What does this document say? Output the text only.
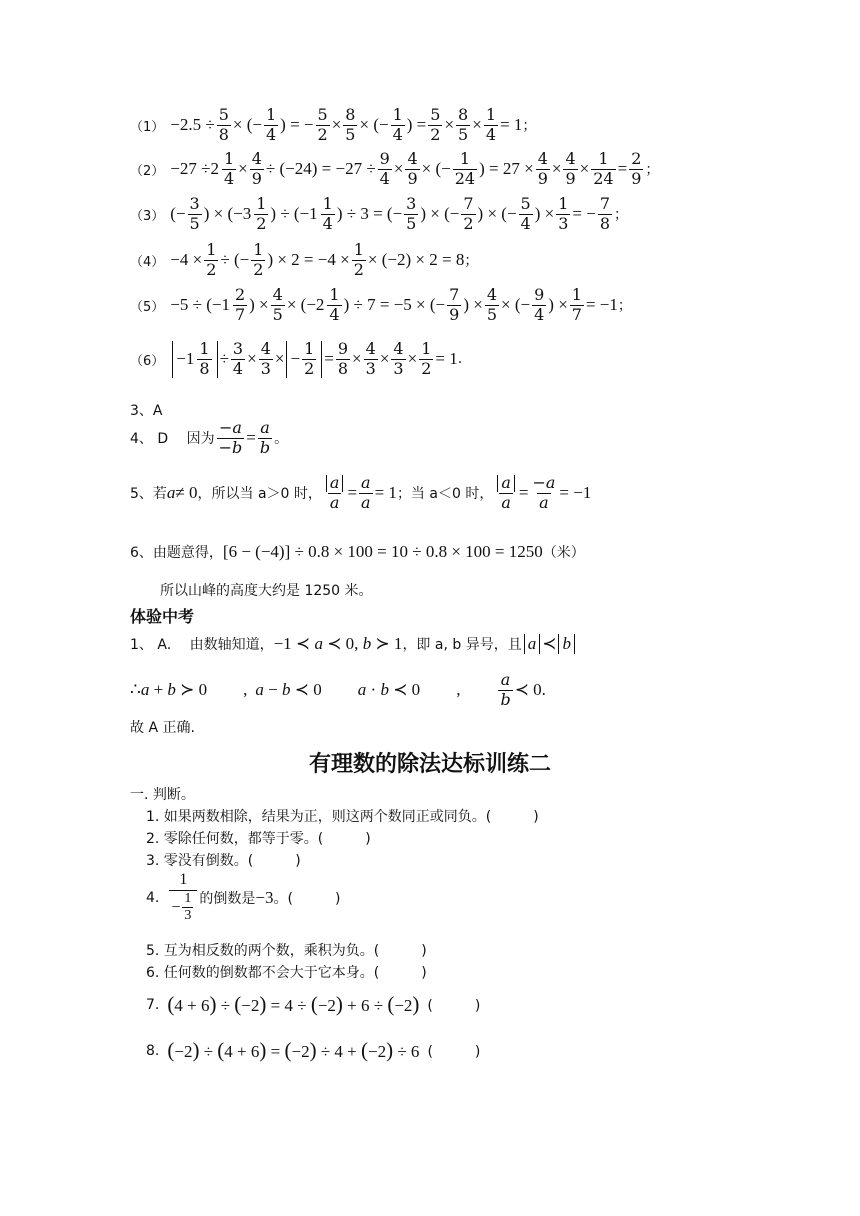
$(1) -2.5 \div \frac{5}{8}$ × (− $\frac{1}{4}$ ) = − $\frac{5}{2} \times \frac{8}{5}$ × (− $\frac{1}{4}$ ) = $\frac{5}{2} \times \frac{8}{5} \times \frac{1}{4} = 1$ ；
（2） −27 ÷ 2
1
$4 \times \frac{4}{9} \div (-24) = -27 \div \frac{9}{4} \times \frac{4}{9}$ × (− $\frac{1}{24}$ ) = $27 \times \frac{4}{9} \times \frac{4}{9} \times \frac{1}{24} = \frac{2}{9}$ ；
（3） (− $\frac{3}{5}$ ) × (− 3
1
2 ) ÷ (− 1
1
4 ) ÷ 3 = (− $\frac{3}{5}$ ) × (− $\frac{7}{2}$ ) × (− $\frac{5}{4}$ ) × $\frac{1}{3}$ = − $\frac{7}{8}$ ；
$(4) -4 \times \frac{1}{2}$ ÷ (− $\frac{1}{2}$ ) × $2 = -4 \times \frac{1}{2} \times (-2) \times 2 = 8$ ；
（5） −5 ÷ (− 1
2
7 ) × $\frac{4}{5}$ × (− 2
1
4 ) ÷ 7 = −5 × (− $\frac{7}{9}$ ) × $\frac{4}{5}$ × (− $\frac{9}{4}$ ) × $\frac{1}{7} = -1$ ；
（6） − 1
1
$8 \div \frac{3}{4} \times \frac{4}{3}$ × − $\frac{1}{2} = \frac{9}{8} \times \frac{4}{3} \times \frac{4}{3} \times \frac{1}{2} = 1$ .
3、A
4、 D 　因为 $\frac{-a}{-b} = \frac{a}{b}$ 。
5、若 a ≠ 0 ，所以当 a＞0 时， $\frac{a}{a} = \frac{a}{a} = 1$ ；当 a＜0 时， $\frac{a}{a} = \frac{-a}{a} = -1$
6、由题意得， [6 − (−4)] ÷ 0.8 × 100 = 10 ÷ 0.8 × 100 = 1250 （米）
所以山峰的高度大约是 1250 米。
体验中考
1、 A.　 由数轴知道， −1 ≺ a ≺ 0, b ≻ 1 ，即 a, b 异号，且 a ≺ b
∴ a + b ≻ 0 , a − b ≺ 0 a · b ≺ 0 ,
a
b ≺ 0.
故 A 正确.
有理数的除法达标训练二
一. 判断。
1. 如果两数相除，结果为正，则这两个数同正或同负。(　　　)
2. 零除任何数，都等于零。(　　　)
3. 零没有倒数。(　　　)
4.
1
−
1
3
的倒数是 −3 。(　　　)
5. 互为相反数的两个数，乘积为负。(　　　)
6. 任何数的倒数都不会大于它本身。(　　　)
7. (4 + 6) ÷ (−2) = 4 ÷ (−2) + 6 ÷ (−2) (　　　)
8. (−2) ÷ (4 + 6) = (−2) ÷ 4 + (−2) ÷ 6 (　　　)
